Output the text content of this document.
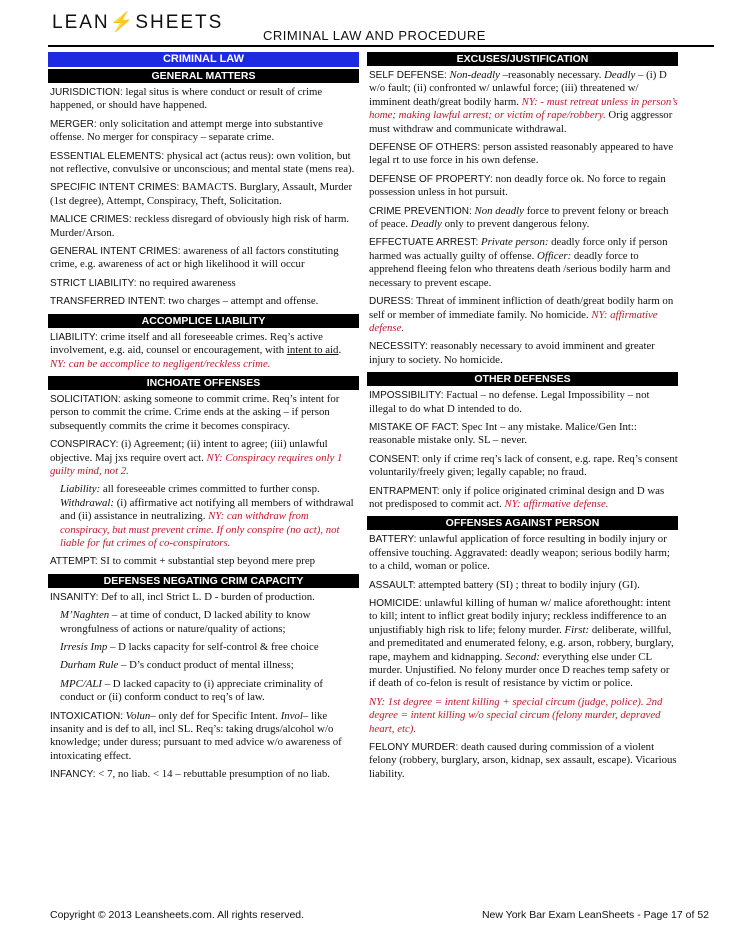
LEAN⚡SHEETS
CRIMINAL LAW AND PROCEDURE
CRIMINAL LAW
GENERAL MATTERS
JURISDICTION: legal situs is where conduct or result of crime happened, or should have happened.
MERGER: only solicitation and attempt merge into substantive offense. No merger for conspiracy – separate crime.
ESSENTIAL ELEMENTS: physical act (actus reus): own volition, but not reflective, convulsive or unconscious; and mental state (mens rea).
SPECIFIC INTENT CRIMES: BAMACTS. Burglary, Assault, Murder (1st degree), Attempt, Conspiracy, Theft, Solicitation.
MALICE CRIMES: reckless disregard of obviously high risk of harm. Murder/Arson.
GENERAL INTENT CRIMES: awareness of all factors constituting crime, e.g. awareness of act or high likelihood it will occur
STRICT LIABILITY: no required awareness
TRANSFERRED INTENT: two charges – attempt and offense.
ACCOMPLICE LIABILITY
LIABILITY: crime itself and all foreseeable crimes. Req’s active involvement, e.g. aid, counsel or encouragement, with intent to aid. NY: can be accomplice to negligent/reckless crime.
INCHOATE OFFENSES
SOLICITATION: asking someone to commit crime. Req’s intent for person to commit the crime. Crime ends at the asking – if person subsequently commits the crime it becomes conspiracy.
CONSPIRACY: (i) Agreement; (ii) intent to agree; (iii) unlawful objective. Maj jxs require overt act. NY: Conspiracy requires only 1 guilty mind, not 2.
Liability: all foreseeable crimes committed to further consp.
Withdrawal: (i) affirmative act notifying all members of withdrawal and (ii) assistance in neutralizing. NY: can withdraw from conspiracy, but must prevent crime. If only conspire (no act), not liable for fut crimes of co-conspirators.
ATTEMPT: SI to commit + substantial step beyond mere prep
DEFENSES NEGATING CRIM CAPACITY
INSANITY: Def to all, incl Strict L. D - burden of production.
M’Naghten – at time of conduct, D lacked ability to know wrongfulness of actions or nature/quality of actions;
Irresis Imp – D lacks capacity for self-control & free choice
Durham Rule – D’s conduct product of mental illness;
MPC/ALI – D lacked capacity to (i) appreciate criminality of conduct or (ii) conform conduct to req’s of law.
INTOXICATION: Volun– only def for Specific Intent. Invol– like insanity and is def to all, incl SL. Req’s: taking drugs/alcohol w/o knowledge; under duress; pursuant to med advice w/o awareness of intoxicating effect.
INFANCY: < 7, no liab. < 14 – rebuttable presumption of no liab.
EXCUSES/JUSTIFICATION
SELF DEFENSE: Non-deadly –reasonably necessary. Deadly – (i) D w/o fault; (ii) confronted w/ unlawful force; (iii) threatened w/ imminent death/great bodily harm. NY: - must retreat unless in person’s home; making lawful arrest; or victim of rape/robbery. Orig aggressor must withdraw and communicate withdrawal.
DEFENSE OF OTHERS: person assisted reasonably appeared to have legal rt to use force in his own defense.
DEFENSE OF PROPERTY: non deadly force ok. No force to regain possession unless in hot pursuit.
CRIME PREVENTION: Non deadly force to prevent felony or breach of peace. Deadly only to prevent dangerous felony.
EFFECTUATE ARREST: Private person: deadly force only if person harmed was actually guilty of offense. Officer: deadly force to apprehend fleeing felon who threatens death /serious bodily harm and necessary to prevent escape.
DURESS: Threat of imminent infliction of death/great bodily harm on self or member of immediate family. No homicide. NY: affirmative defense.
NECESSITY: reasonably necessary to avoid imminent and greater injury to society. No homicide.
OTHER DEFENSES
IMPOSSIBILITY: Factual – no defense. Legal Impossibility – not illegal to do what D intended to do.
MISTAKE OF FACT: Spec Int – any mistake. Malice/Gen Int:: reasonable mistake only. SL – never.
CONSENT: only if crime req’s lack of consent, e.g. rape. Req’s consent voluntarily/freely given; legally capable; no fraud.
ENTRAPMENT: only if police originated criminal design and D was not predisposed to commit act. NY: affirmative defense.
OFFENSES AGAINST PERSON
BATTERY: unlawful application of force resulting in bodily injury or offensive touching. Aggravated: deadly weapon; serious bodily harm; to a child, woman or police.
ASSAULT: attempted battery (SI) ; threat to bodily injury (GI).
HOMICIDE: unlawful killing of human w/ malice aforethought: intent to kill; intent to inflict great bodily injury; reckless indifference to an unjustifiably high risk to life; felony murder. First: deliberate, willful, and premeditated and enumerated felony, e.g. arson, robbery, burglary, rape, mayhem and kidnapping. Second: everything else under CL murder. Unjustified. No felony murder once D reaches temp safety or if death of co-felon is result of resistance by victim or police.
NY: 1st degree = intent killing + special circum (judge, police). 2nd degree = intent killing w/o special circum (felony murder, depraved heart, etc).
FELONY MURDER: death caused during commission of a violent felony (robbery, burglary, arson, kidnap, sex assault, escape). Vicarious liability.
Copyright © 2013 Leansheets.com. All rights reserved.	New York Bar Exam LeanSheets - Page 17 of 52
